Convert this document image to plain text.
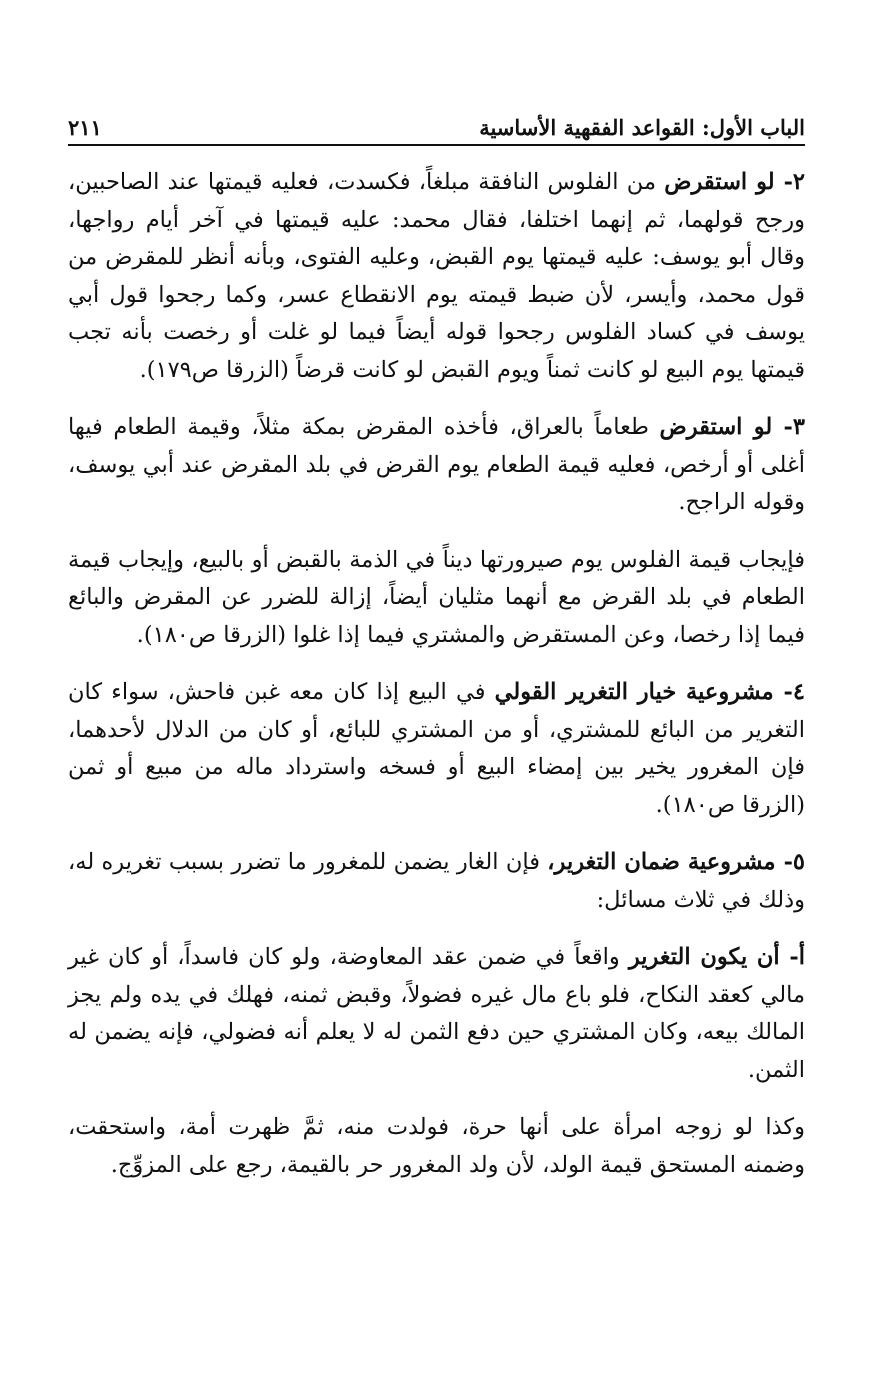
الباب الأول: القواعد الفقهية الأساسية
٢١١

٢- لو استقرض من الفلوس النافقة مبلغاً، فكسدت، فعليه قيمتها عند الصاحبين، ورجح قولهما، ثم إنهما اختلفا، فقال محمد: عليه قيمتها في آخر أيام رواجها، وقال أبو يوسف: عليه قيمتها يوم القبض، وعليه الفتوى، وبأنه أنظر للمقرض من قول محمد، وأيسر، لأن ضبط قيمته يوم الانقطاع عسر، وكما رجحوا قول أبي يوسف في كساد الفلوس رجحوا قوله أيضاً فيما لو غلت أو رخصت بأنه تجب قيمتها يوم البيع لو كانت ثمناً ويوم القبض لو كانت قرضاً (الزرقا ص١٧٩).

٣- لو استقرض طعاماً بالعراق، فأخذه المقرض بمكة مثلاً، وقيمة الطعام فيها أغلى أو أرخص، فعليه قيمة الطعام يوم القرض في بلد المقرض عند أبي يوسف، وقوله الراجح.

فإيجاب قيمة الفلوس يوم صيرورتها ديناً في الذمة بالقبض أو بالبيع، وإيجاب قيمة الطعام في بلد القرض مع أنهما مثليان أيضاً، إزالة للضرر عن المقرض والبائع فيما إذا رخصا، وعن المستقرض والمشتري فيما إذا غلوا (الزرقا ص١٨٠).

٤- مشروعية خيار التغرير القولي في البيع إذا كان معه غبن فاحش، سواء كان التغرير من البائع للمشتري، أو من المشتري للبائع، أو كان من الدلال لأحدهما، فإن المغرور يخير بين إمضاء البيع أو فسخه واسترداد ماله من مبيع أو ثمن (الزرقا ص١٨٠).

٥- مشروعية ضمان التغرير، فإن الغار يضمن للمغرور ما تضرر بسبب تغريره له، وذلك في ثلاث مسائل:

أ- أن يكون التغرير واقعاً في ضمن عقد المعاوضة، ولو كان فاسداً، أو كان غير مالي كعقد النكاح، فلو باع مال غيره فضولاً، وقبض ثمنه، فهلك في يده ولم يجز المالك بيعه، وكان المشتري حين دفع الثمن له لا يعلم أنه فضولي، فإنه يضمن له الثمن.

وكذا لو زوجه امرأة على أنها حرة، فولدت منه، ثمَّ ظهرت أمة، واستحقت، وضمنه المستحق قيمة الولد، لأن ولد المغرور حر بالقيمة، رجع على المزوِّج.
